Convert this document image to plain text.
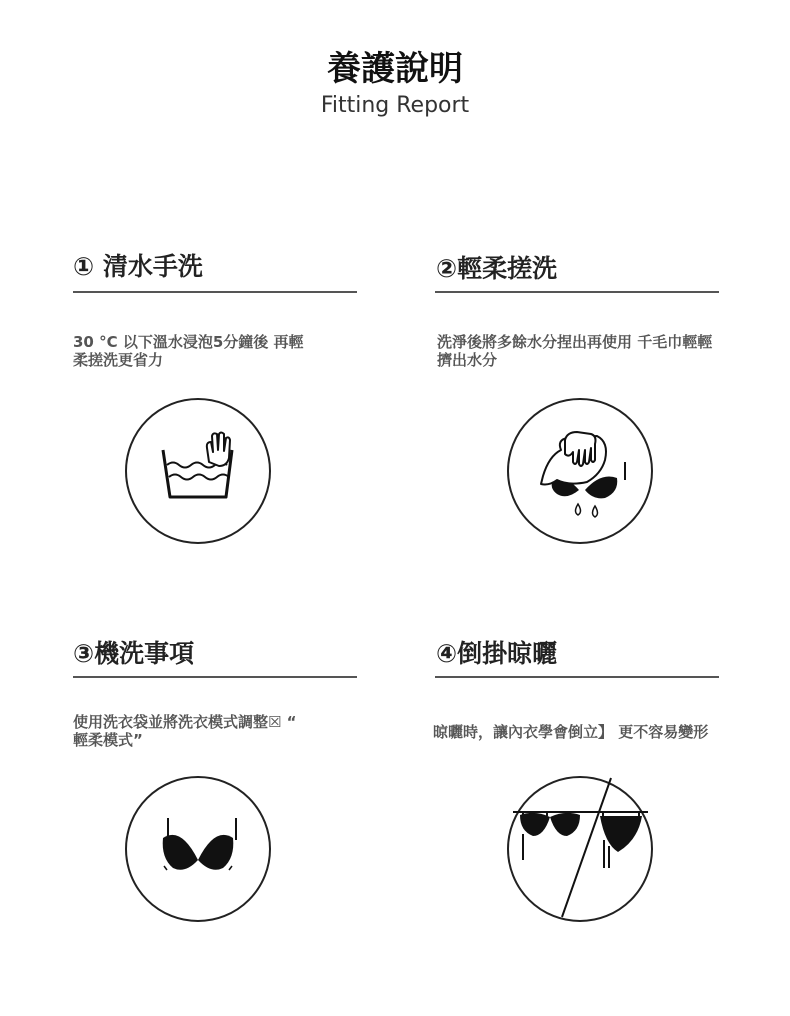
養護說明
Fitting Report
① 清水手洗
30 °C 以下溫水浸泡5分鐘後 再輕
柔搓洗更省力
②輕柔搓洗
洗淨後將多餘水分捏出再使用 千毛巾輕輕
擠出水分
③機洗事項
使用洗衣袋並將洗衣模式調整☒ “
輕柔模式”
④倒掛晾曬
晾曬時，讓內衣學會倒立】 更不容易變形
